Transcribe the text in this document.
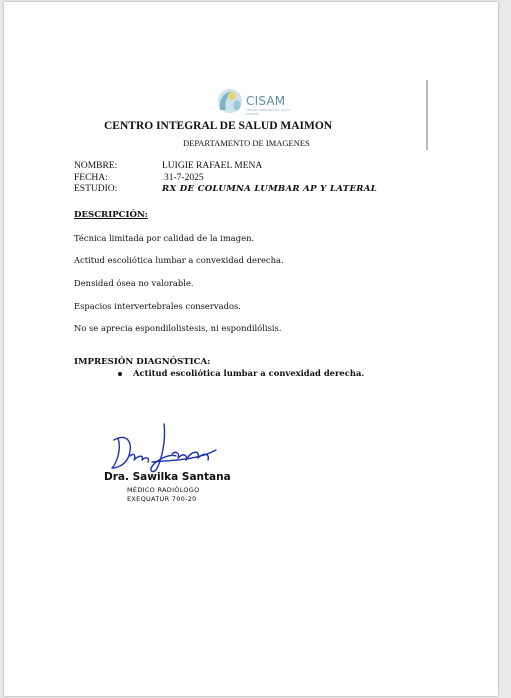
CISAM
CENTRO INTEGRAL DE SALUD MAIMON
CENTRO INTEGRAL DE SALUD MAIMON
DEPARTAMENTO DE IMAGENES
NOMBRE:	LUIGIE RAFAEL MENA
FECHA:	31-7-2025
ESTUDIO:	RX DE COLUMNA LUMBAR AP Y LATERAL
DESCRIPCIÓN:
Técnica limitada por calidad de la imagen.
Actitud escoliótica lumbar a convexidad derecha.
Densidad ósea no valorable.
Espacios intervertebrales conservados.
No se aprecia espondilolistesis, ni espondilólisis.
IMPRESIÓN DIAGNÓSTICA:
Actitud escoliótica lumbar a convexidad derecha.
Dra. Sawilka Santana
MÉDICO RADIÓLOGO
EXEQUATUR 700-20
